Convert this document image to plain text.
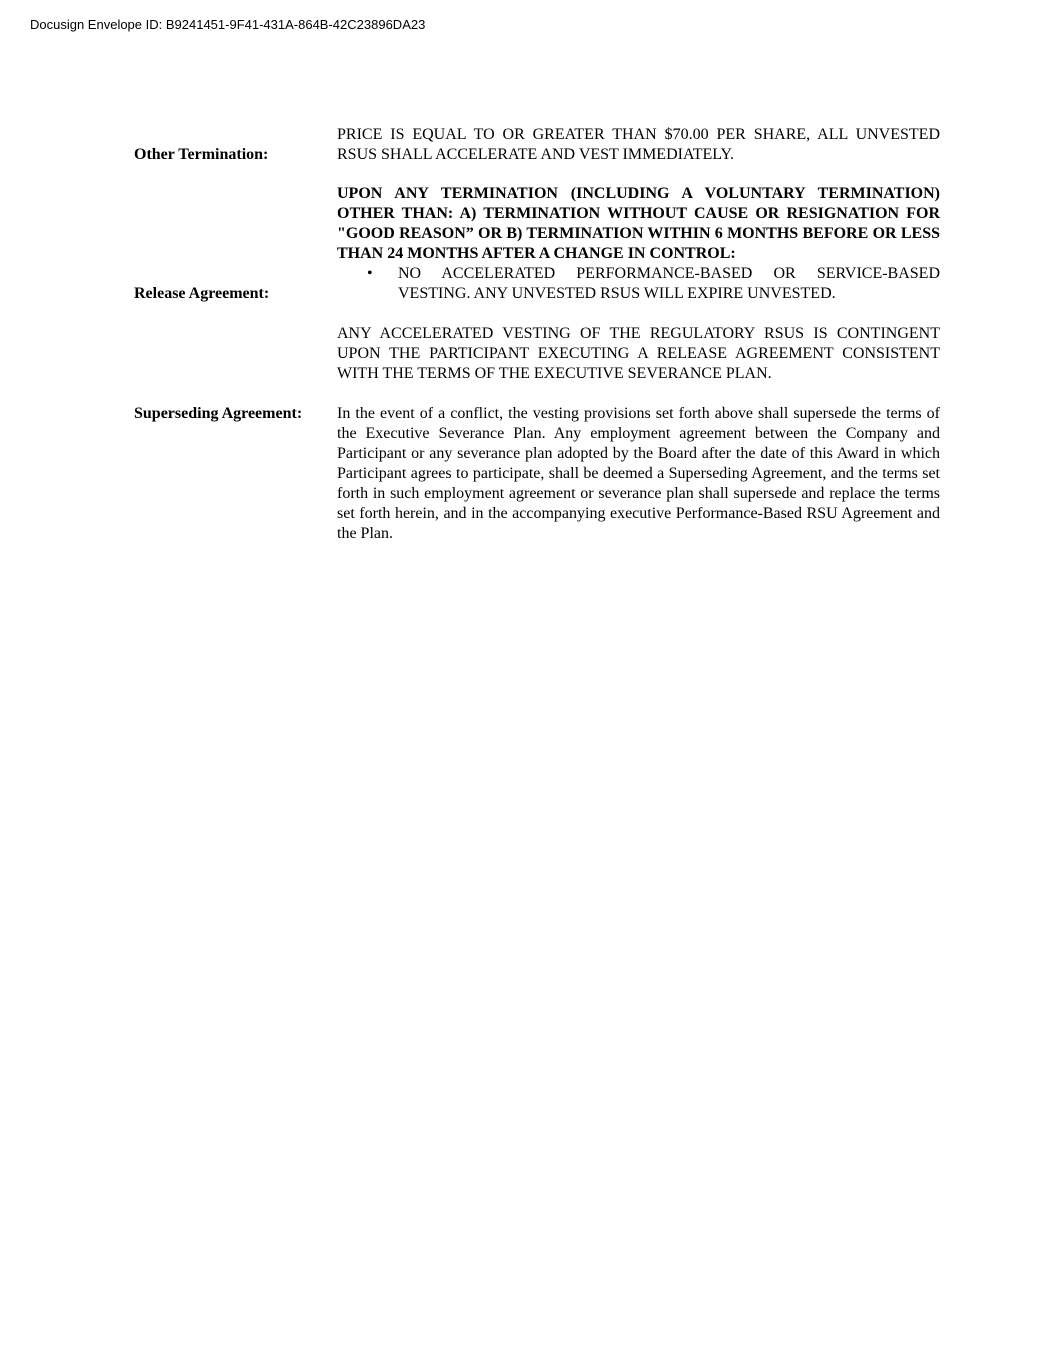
Docusign Envelope ID: B9241451-9F41-431A-864B-42C23896DA23
Other Termination:

PRICE IS EQUAL TO OR GREATER THAN $70.00 PER SHARE, ALL UNVESTED RSUS SHALL ACCELERATE AND VEST IMMEDIATELY.

Release Agreement:

UPON ANY TERMINATION (INCLUDING A VOLUNTARY TERMINATION) OTHER THAN: A) TERMINATION WITHOUT CAUSE OR RESIGNATION FOR "GOOD REASON” OR B) TERMINATION WITHIN 6 MONTHS BEFORE OR LESS THAN 24 MONTHS AFTER A CHANGE IN CONTROL:

• NO ACCELERATED PERFORMANCE-BASED OR SERVICE-BASED VESTING. ANY UNVESTED RSUS WILL EXPIRE UNVESTED.

ANY ACCELERATED VESTING OF THE REGULATORY RSUS IS CONTINGENT UPON THE PARTICIPANT EXECUTING A RELEASE AGREEMENT CONSISTENT WITH THE TERMS OF THE EXECUTIVE SEVERANCE PLAN.

Superseding Agreement: In the event of a conflict, the vesting provisions set forth above shall supersede the terms of the Executive Severance Plan. Any employment agreement between the Company and Participant or any severance plan adopted by the Board after the date of this Award in which Participant agrees to participate, shall be deemed a Superseding Agreement, and the terms set forth in such employment agreement or severance plan shall supersede and replace the terms set forth herein, and in the accompanying executive Performance-Based RSU Agreement and the Plan.
